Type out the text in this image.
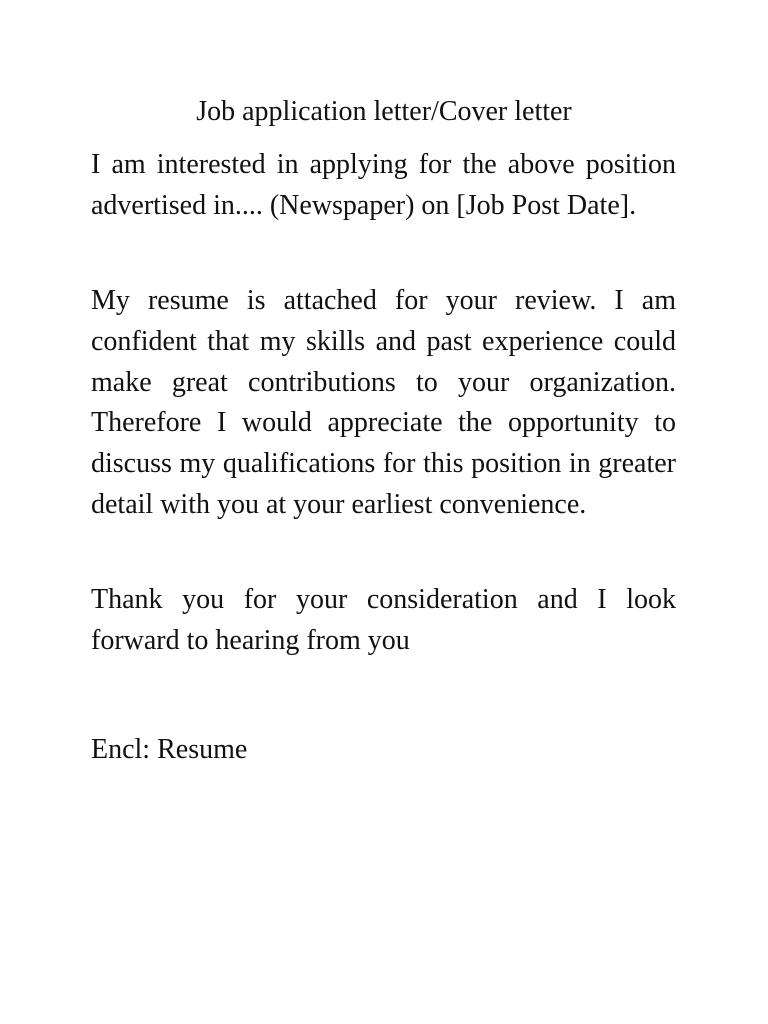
Job application letter/Cover letter

I am interested in applying for the above position advertised in.... (Newspaper) on [Job Post Date].

My resume is attached for your review. I am confident that my skills and past experience could make great contributions to your organization. Therefore I would appreciate the opportunity to discuss my qualifications for this position in greater detail with you at your earliest convenience.

Thank you for your consideration and I look forward to hearing from you

Encl: Resume
